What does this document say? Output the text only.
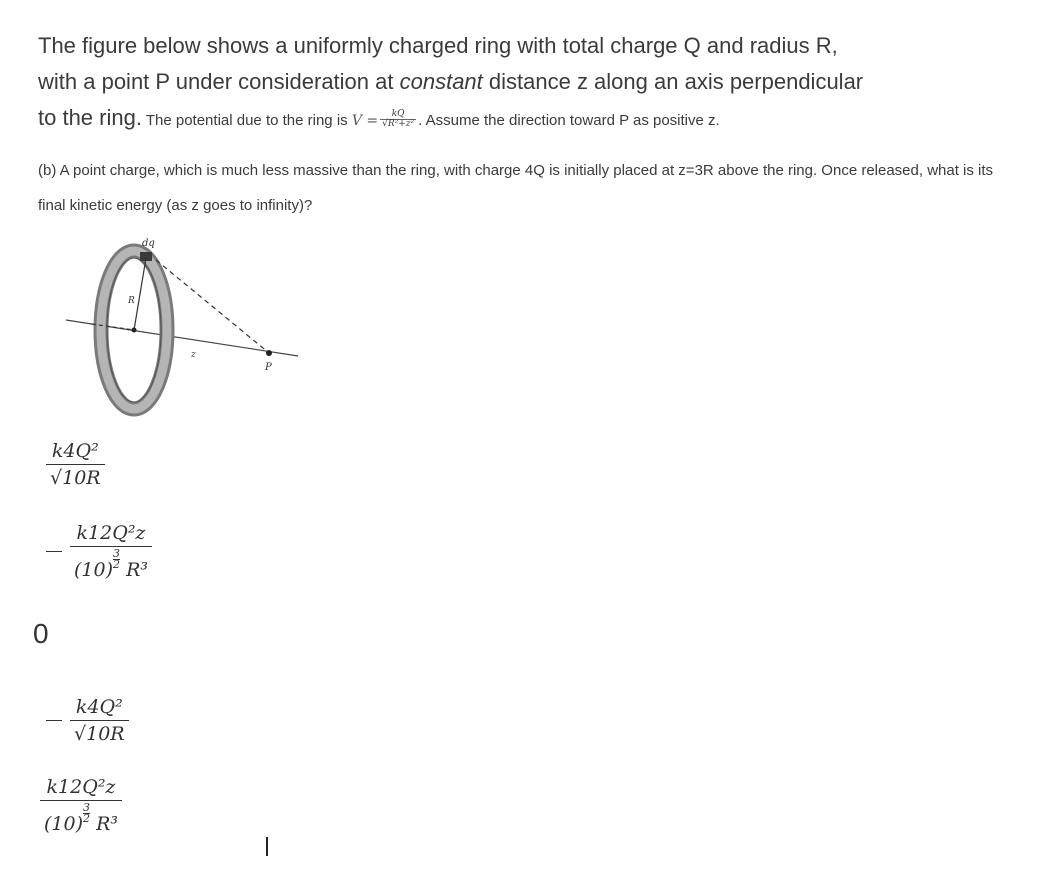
The figure below shows a uniformly charged ring with total charge Q and radius R,
with a point P under consideration at constant distance z along an axis perpendicular
to the ring. The potential due to the ring is $V = \frac{kQ}{\text{√R²+z²}}$ . Assume the direction toward P as positive z.
(b) A point charge, which is much less massive than the ring, with charge 4Q is initially placed at z=3R above the ring. Once released, what is its final kinetic energy (as z goes to infinity)?
dq
R
z
P
$\frac{\text{k4Q²}}{√10R}$
$\frac{\text{k12Q²z}}{(10) \frac{3}{2} R^3}$
0
$\frac{\text{k4Q²}}{√10R}$
$\frac{\text{k12Q²z}}{(10) \frac{3}{2} R^3}$
